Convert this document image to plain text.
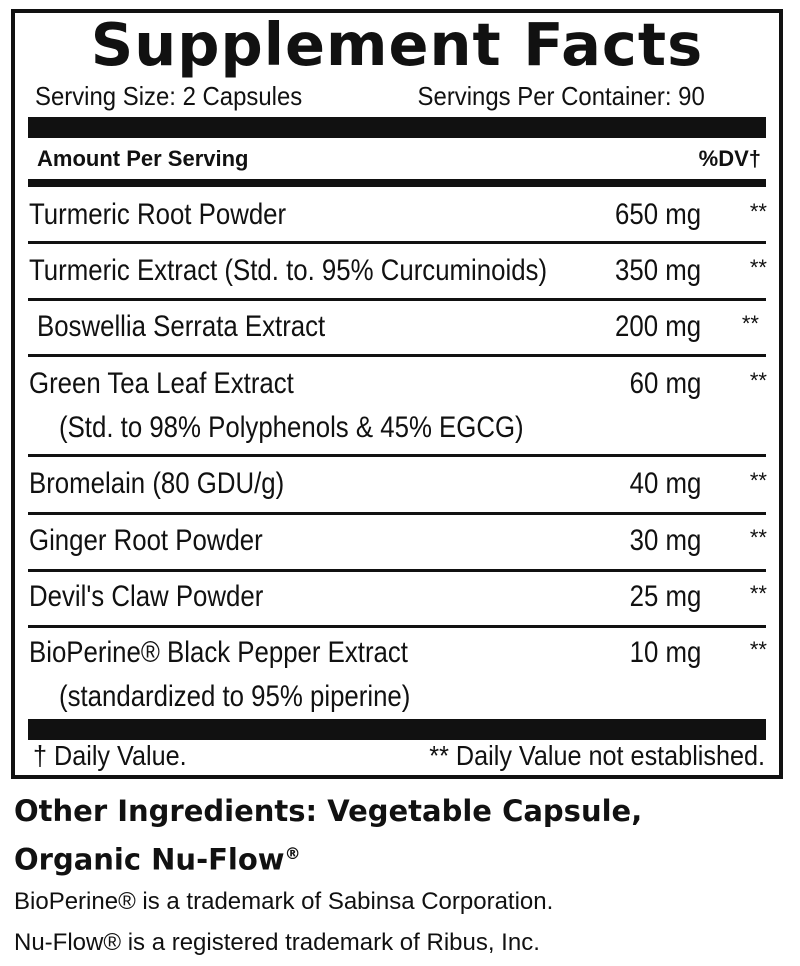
Supplement Facts
Serving Size: 2 Capsules	Servings Per Container: 90
Amount Per Serving	%DV†
Turmeric Root Powder	650 mg **
Turmeric Extract (Std. to. 95% Curcuminoids) 350 mg **
Boswellia Serrata Extract	200 mg **
Green Tea Leaf Extract
(Std. to 98% Polyphenols & 45% EGCG)
60 mg **
Bromelain (80 GDU/g)	40 mg **
Ginger Root Powder	30 mg **
Devil's Claw Powder	25 mg **
BioPerine® Black Pepper Extract
(standardized to 95% piperine)
10 mg **
† Daily Value.	** Daily Value not established.
Other Ingredients: Vegetable Capsule,
Organic Nu-Flow®
BioPerine® is a trademark of Sabinsa Corporation.
Nu-Flow® is a registered trademark of Ribus, Inc.
